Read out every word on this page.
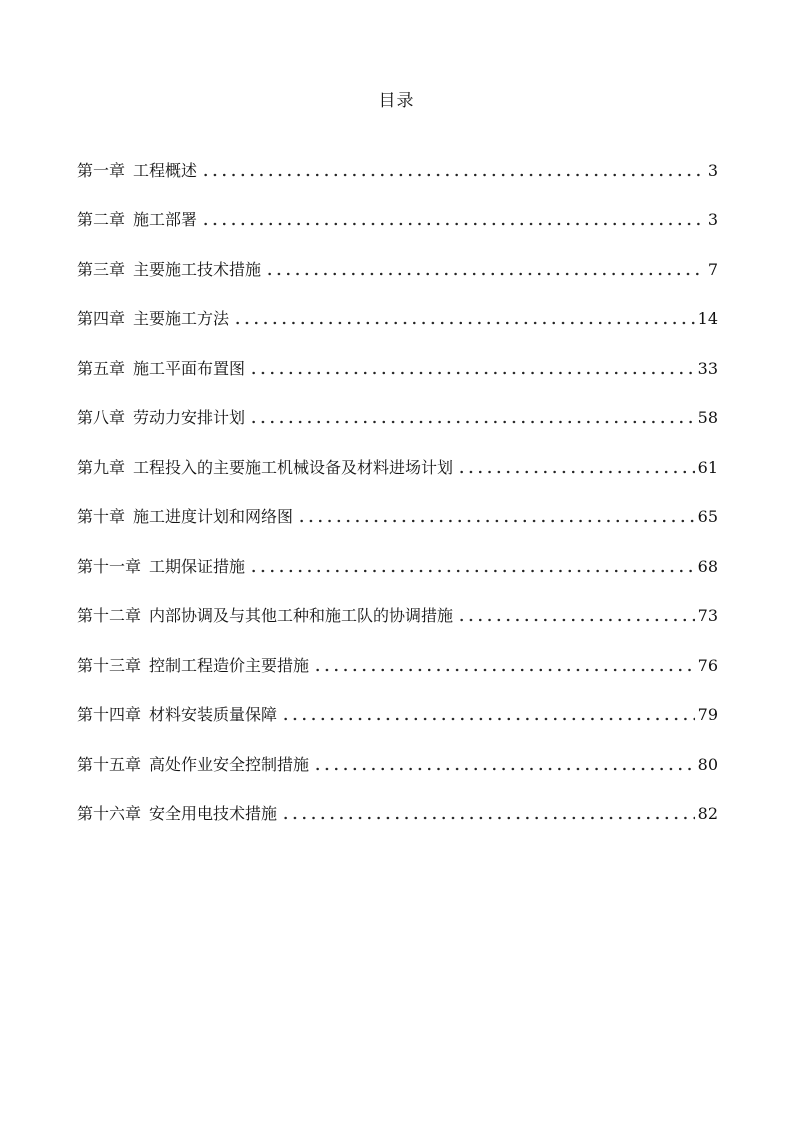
目录
第一章 工程概述	3
第二章 施工部署	3
第三章 主要施工技术措施	7
第四章 主要施工方法	14
第五章 施工平面布置图	33
第八章 劳动力安排计划	58
第九章 工程投入的主要施工机械设备及材料进场计划	61
第十章 施工进度计划和网络图	65
第十一章 工期保证措施	68
第十二章 内部协调及与其他工种和施工队的协调措施	73
第十三章 控制工程造价主要措施	76
第十四章 材料安装质量保障	79
第十五章 高处作业安全控制措施	80
第十六章 安全用电技术措施	82
